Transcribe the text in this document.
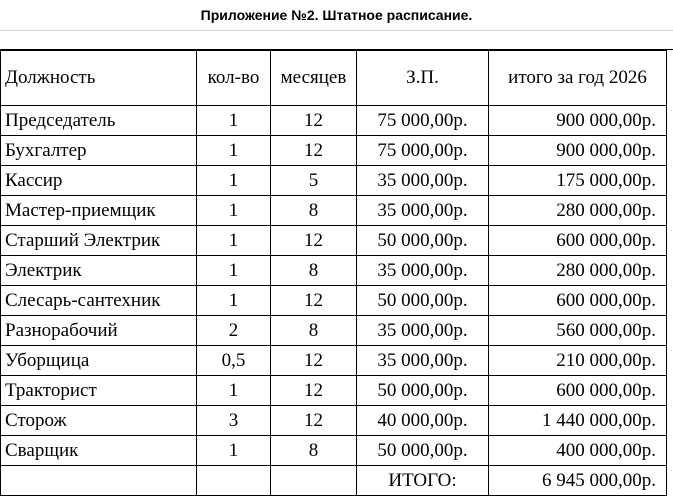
Приложение №2. Штатное расписание.
Должность	кол-во	месяцев	З.П.	итого за год 2026
Председатель	1	12	75 000,00р.	900 000,00р.
Бухгалтер	1	12	75 000,00р.	900 000,00р.
Кассир	1	5	35 000,00р.	175 000,00р.
Мастер-приемщик	1	8	35 000,00р.	280 000,00р.
Старший Электрик	1	12	50 000,00р.	600 000,00р.
Электрик	1	8	35 000,00р.	280 000,00р.
Слесарь-сантехник	1	12	50 000,00р.	600 000,00р.
Разнорабочий	2	8	35 000,00р.	560 000,00р.
Уборщица	0,5	12	35 000,00р.	210 000,00р.
Тракторист	1	12	50 000,00р.	600 000,00р.
Сторож	3	12	40 000,00р.	1 440 000,00р.
Сварщик	1	8	50 000,00р.	400 000,00р.
			ИТОГО:	6 945 000,00р.
